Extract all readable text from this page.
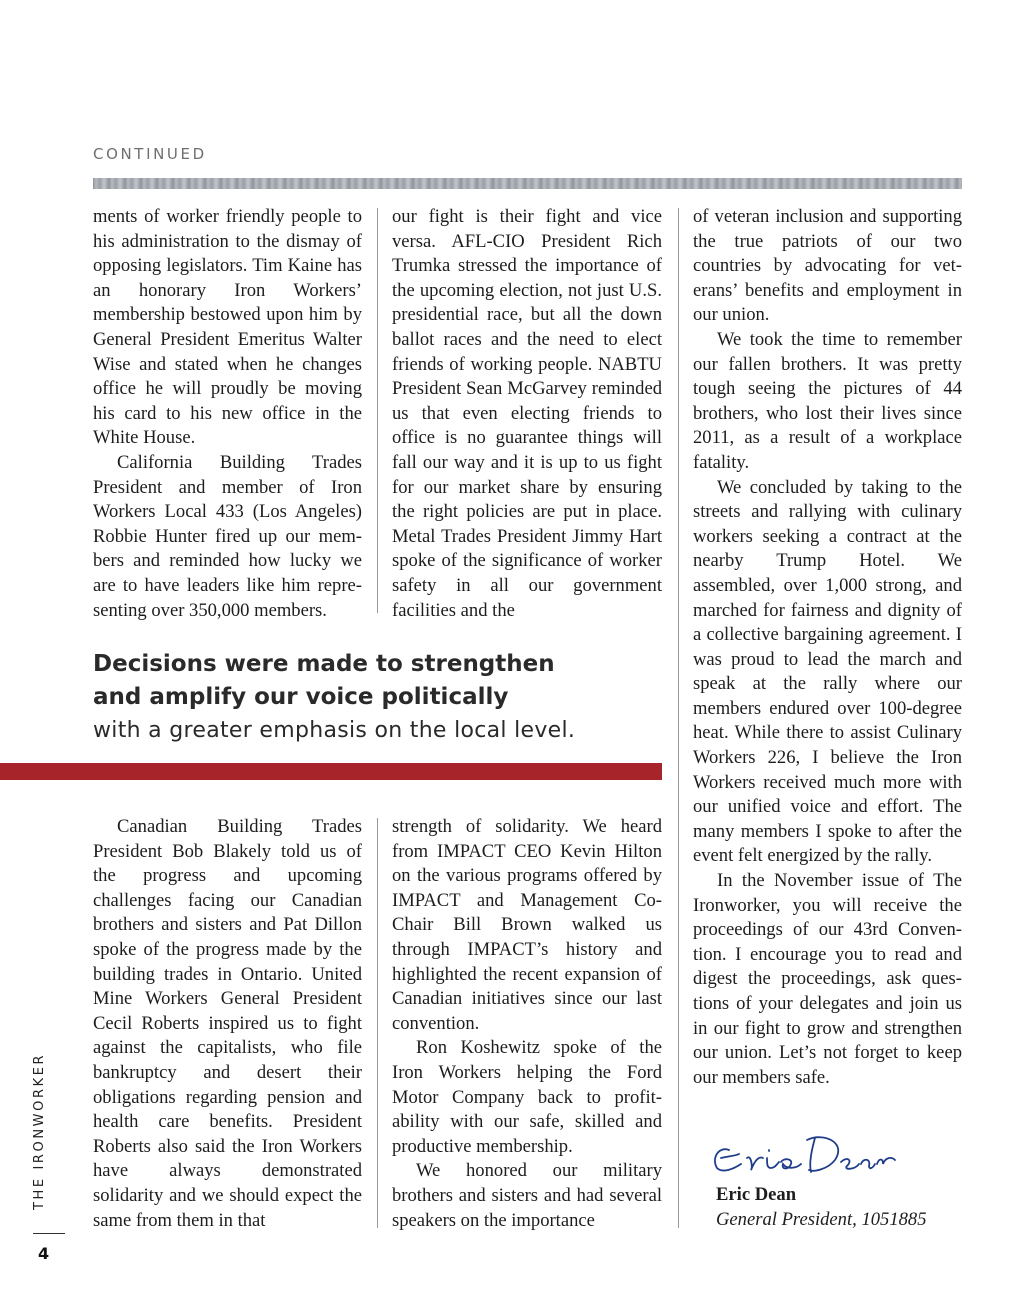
CONTINUED

ments of worker friendly people to his administration to the dismay of opposing legislators. Tim Kaine has an honorary Iron Workers’ membership bestowed upon him by General President Emeritus Walter Wise and stated when he changes office he will proudly be moving his card to his new office in the White House.

California Building Trades President and member of Iron Workers Local 433 (Los Angeles) Robbie Hunter fired up our members and reminded how lucky we are to have leaders like him representing over 350,000 members.

our fight is their fight and vice versa. AFL-CIO President Rich Trumka stressed the importance of the upcoming election, not just U.S. presidential race, but all the down ballot races and the need to elect friends of working people. NABTU President Sean McGarvey reminded us that even electing friends to office is no guarantee things will fall our way and it is up to us fight for our market share by ensuring the right policies are put in place. Metal Trades President Jimmy Hart spoke of the significance of worker safety in all our government facilities and the

Decisions were made to strengthen

and amplify our voice politically

with a greater emphasis on the local level.

Canadian Building Trades President Bob Blakely told us of the progress and upcoming challenges facing our Canadian brothers and sisters and Pat Dillon spoke of the progress made by the building trades in Ontario. United Mine Workers General President Cecil Roberts inspired us to fight against the capitalists, who file bankruptcy and desert their obligations regarding pension and health care benefits. President Roberts also said the Iron Workers have always demonstrated solidarity and we should expect the same from them in that

strength of solidarity. We heard from IMPACT CEO Kevin Hilton on the various programs offered by IMPACT and Management Co-Chair Bill Brown walked us through IMPACT’s history and highlighted the recent expansion of Canadian initiatives since our last convention.

Ron Koshewitz spoke of the Iron Workers helping the Ford Motor Company back to profitability with our safe, skilled and productive membership.

We honored our military brothers and sisters and had several speakers on the importance

of veteran inclusion and supporting the true patriots of our two countries by advocating for veterans’ benefits and employment in our union.

We took the time to remember our fallen brothers. It was pretty tough seeing the pictures of 44 brothers, who lost their lives since 2011, as a result of a workplace fatality.

We concluded by taking to the streets and rallying with culinary workers seeking a contract at the nearby Trump Hotel. We assembled, over 1,000 strong, and marched for fairness and dignity of a collective bargaining agreement. I was proud to lead the march and speak at the rally where our members endured over 100-degree heat. While there to assist Culinary Workers 226, I believe the Iron Workers received much more with our unified voice and effort. The many members I spoke to after the event felt energized by the rally.

In the November issue of The Ironworker, you will receive the proceedings of our 43rd Convention. I encourage you to read and digest the proceedings, ask questions of your delegates and join us in our fight to grow and strengthen our union. Let’s not forget to keep our members safe.

Eric Dean
General President, 1051885
THE IRONWORKER
4
